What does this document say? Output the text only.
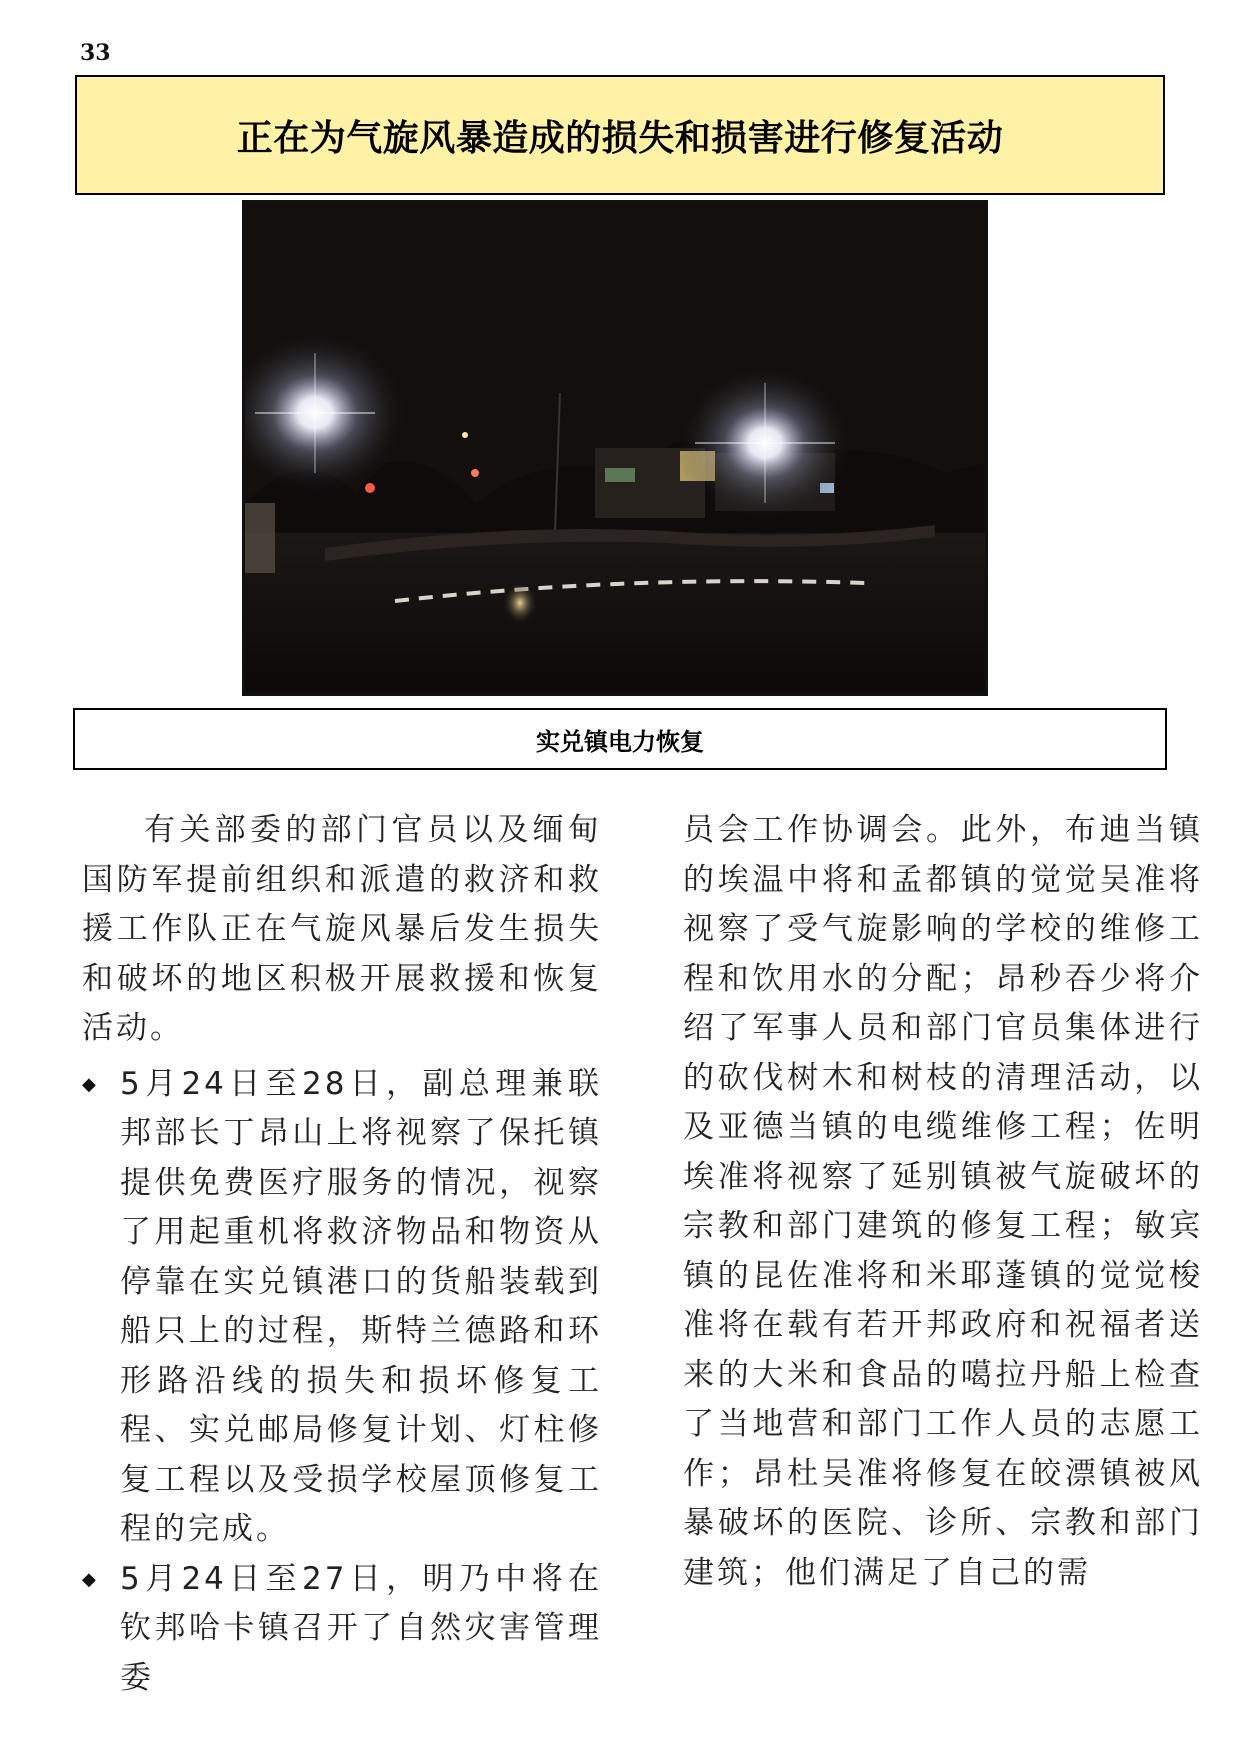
33
正在为气旋风暴造成的损失和损害进行修复活动
实兑镇电力恢复

有关部委的部门官员以及缅甸国防军提前组织和派遣的救济和救援工作队正在气旋风暴后发生损失和破坏的地区积极开展救援和恢复活动。

◆ 5月24日至28日，副总理兼联邦部长丁昂山上将视察了保托镇提供免费医疗服务的情况，视察了用起重机将救济物品和物资从停靠在实兑镇港口的货船装载到船只上的过程，斯特兰德路和环形路沿线的损失和损坏修复工程、实兑邮局修复计划、灯柱修复工程以及受损学校屋顶修复工程的完成。
◆ 5月24日至27日，明乃中将在钦邦哈卡镇召开了自然灾害管理委

员会工作协调会。此外，布迪当镇的埃温中将和孟都镇的觉觉吴准将视察了受气旋影响的学校的维修工程和饮用水的分配；昂秒吞少将介绍了军事人员和部门官员集体进行的砍伐树木和树枝的清理活动，以及亚德当镇的电缆维修工程；佐明埃准将视察了延别镇被气旋破坏的宗教和部门建筑的修复工程；敏宾镇的昆佐准将和米耶蓬镇的觉觉梭准将在载有若开邦政府和祝福者送来的大米和食品的噶拉丹船上检查了当地营和部门工作人员的志愿工作；昂杜吴准将修复在皎漂镇被风暴破坏的医院、诊所、宗教和部门建筑；他们满足了自己的需
